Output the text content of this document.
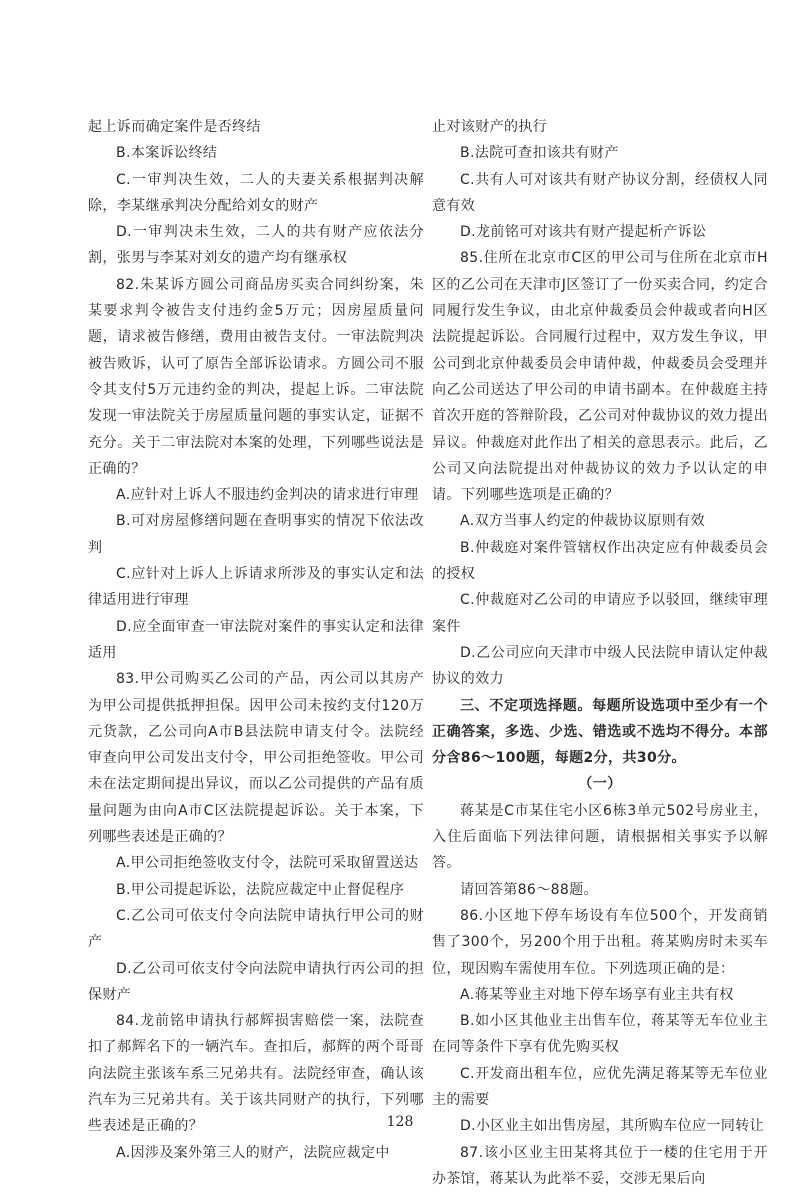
起上诉而确定案件是否终结

B.本案诉讼终结

C.一审判决生效，二人的夫妻关系根据判决解除，李某继承判决分配给刘女的财产

D.一审判决未生效，二人的共有财产应依法分割，张男与李某对刘女的遗产均有继承权

82.朱某诉方圆公司商品房买卖合同纠纷案，朱某要求判令被告支付违约金5万元；因房屋质量问题，请求被告修缮，费用由被告支付。一审法院判决被告败诉，认可了原告全部诉讼请求。方圆公司不服令其支付5万元违约金的判决，提起上诉。二审法院发现一审法院关于房屋质量问题的事实认定，证据不充分。关于二审法院对本案的处理，下列哪些说法是正确的？

A.应针对上诉人不服违约金判决的请求进行审理

B.可对房屋修缮问题在查明事实的情况下依法改判

C.应针对上诉人上诉请求所涉及的事实认定和法律适用进行审理

D.应全面审查一审法院对案件的事实认定和法律适用

83.甲公司购买乙公司的产品，丙公司以其房产为甲公司提供抵押担保。因甲公司未按约支付120万元货款，乙公司向A市B县法院申请支付令。法院经审查向甲公司发出支付令，甲公司拒绝签收。甲公司未在法定期间提出异议，而以乙公司提供的产品有质量问题为由向A市C区法院提起诉讼。关于本案，下列哪些表述是正确的？

A.甲公司拒绝签收支付令，法院可采取留置送达

B.甲公司提起诉讼，法院应裁定中止督促程序

C.乙公司可依支付令向法院申请执行甲公司的财产

D.乙公司可依支付令向法院申请执行丙公司的担保财产

84.龙前铭申请执行郝辉损害赔偿一案，法院查扣了郝辉名下的一辆汽车。查扣后，郝辉的两个哥哥向法院主张该车系三兄弟共有。法院经审查，确认该汽车为三兄弟共有。关于该共同财产的执行，下列哪些表述是正确的？

A.因涉及案外第三人的财产，法院应裁定中

止对该财产的执行

B.法院可查扣该共有财产

C.共有人可对该共有财产协议分割，经债权人同意有效

D.龙前铭可对该共有财产提起析产诉讼

85.住所在北京市C区的甲公司与住所在北京市H区的乙公司在天津市J区签订了一份买卖合同，约定合同履行发生争议，由北京仲裁委员会仲裁或者向H区法院提起诉讼。合同履行过程中，双方发生争议，甲公司到北京仲裁委员会申请仲裁，仲裁委员会受理并向乙公司送达了甲公司的申请书副本。在仲裁庭主持首次开庭的答辩阶段，乙公司对仲裁协议的效力提出异议。仲裁庭对此作出了相关的意思表示。此后，乙公司又向法院提出对仲裁协议的效力予以认定的申请。下列哪些选项是正确的？

A.双方当事人约定的仲裁协议原则有效

B.仲裁庭对案件管辖权作出决定应有仲裁委员会的授权

C.仲裁庭对乙公司的申请应予以驳回，继续审理案件

D.乙公司应向天津市中级人民法院申请认定仲裁协议的效力

三、不定项选择题。每题所设选项中至少有一个正确答案，多选、少选、错选或不选均不得分。本部分含86～100题，每题2分，共30分。

（一）

蒋某是C市某住宅小区6栋3单元502号房业主，入住后面临下列法律问题，请根据相关事实予以解答。

请回答第86～88题。

86.小区地下停车场设有车位500个，开发商销售了300个，另200个用于出租。蒋某购房时未买车位，现因购车需使用车位。下列选项正确的是：

A.蒋某等业主对地下停车场享有业主共有权

B.如小区其他业主出售车位，蒋某等无车位业主在同等条件下享有优先购买权

C.开发商出租车位，应优先满足蒋某等无车位业主的需要

D.小区业主如出售房屋，其所购车位应一同转让

87.该小区业主田某将其位于一楼的住宅用于开办茶馆，蒋某认为此举不妥，交涉无果后向

128
